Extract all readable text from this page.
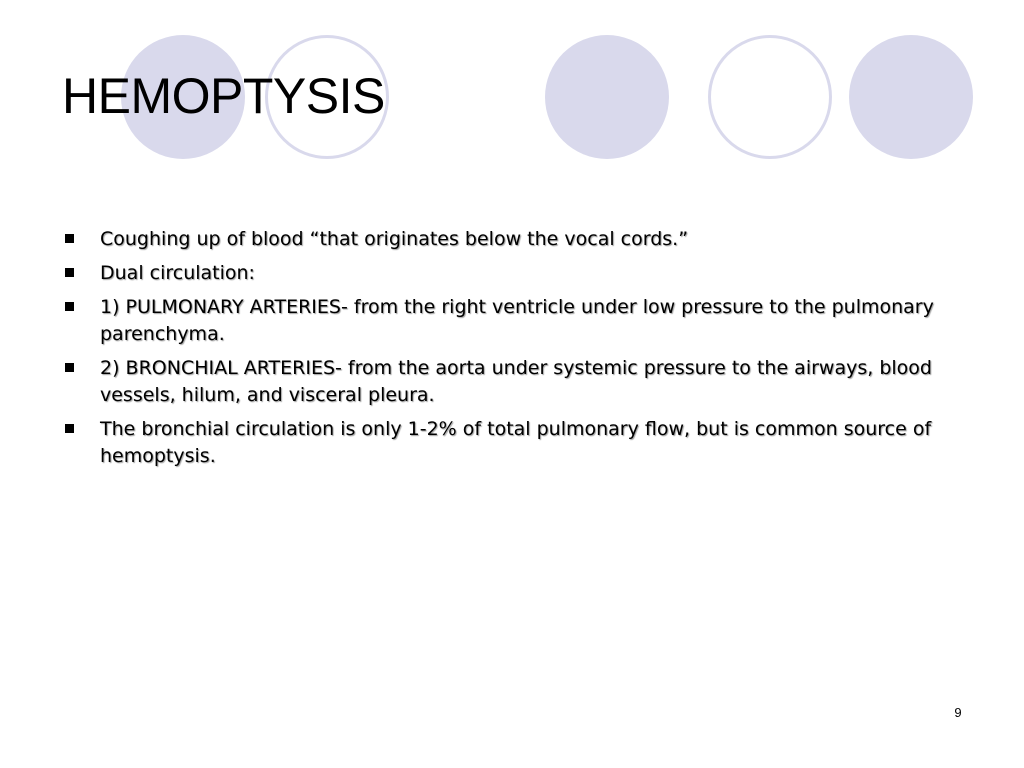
HEMOPTYSIS
Coughing up of blood “that originates below the vocal cords.”
Dual circulation:
1) PULMONARY ARTERIES- from the right ventricle under low pressure to the pulmonary parenchyma.
2) BRONCHIAL ARTERIES- from the aorta under systemic pressure to the airways, blood vessels, hilum, and visceral pleura.
The bronchial circulation is only 1-2% of total pulmonary flow, but is common source of hemoptysis.
9
